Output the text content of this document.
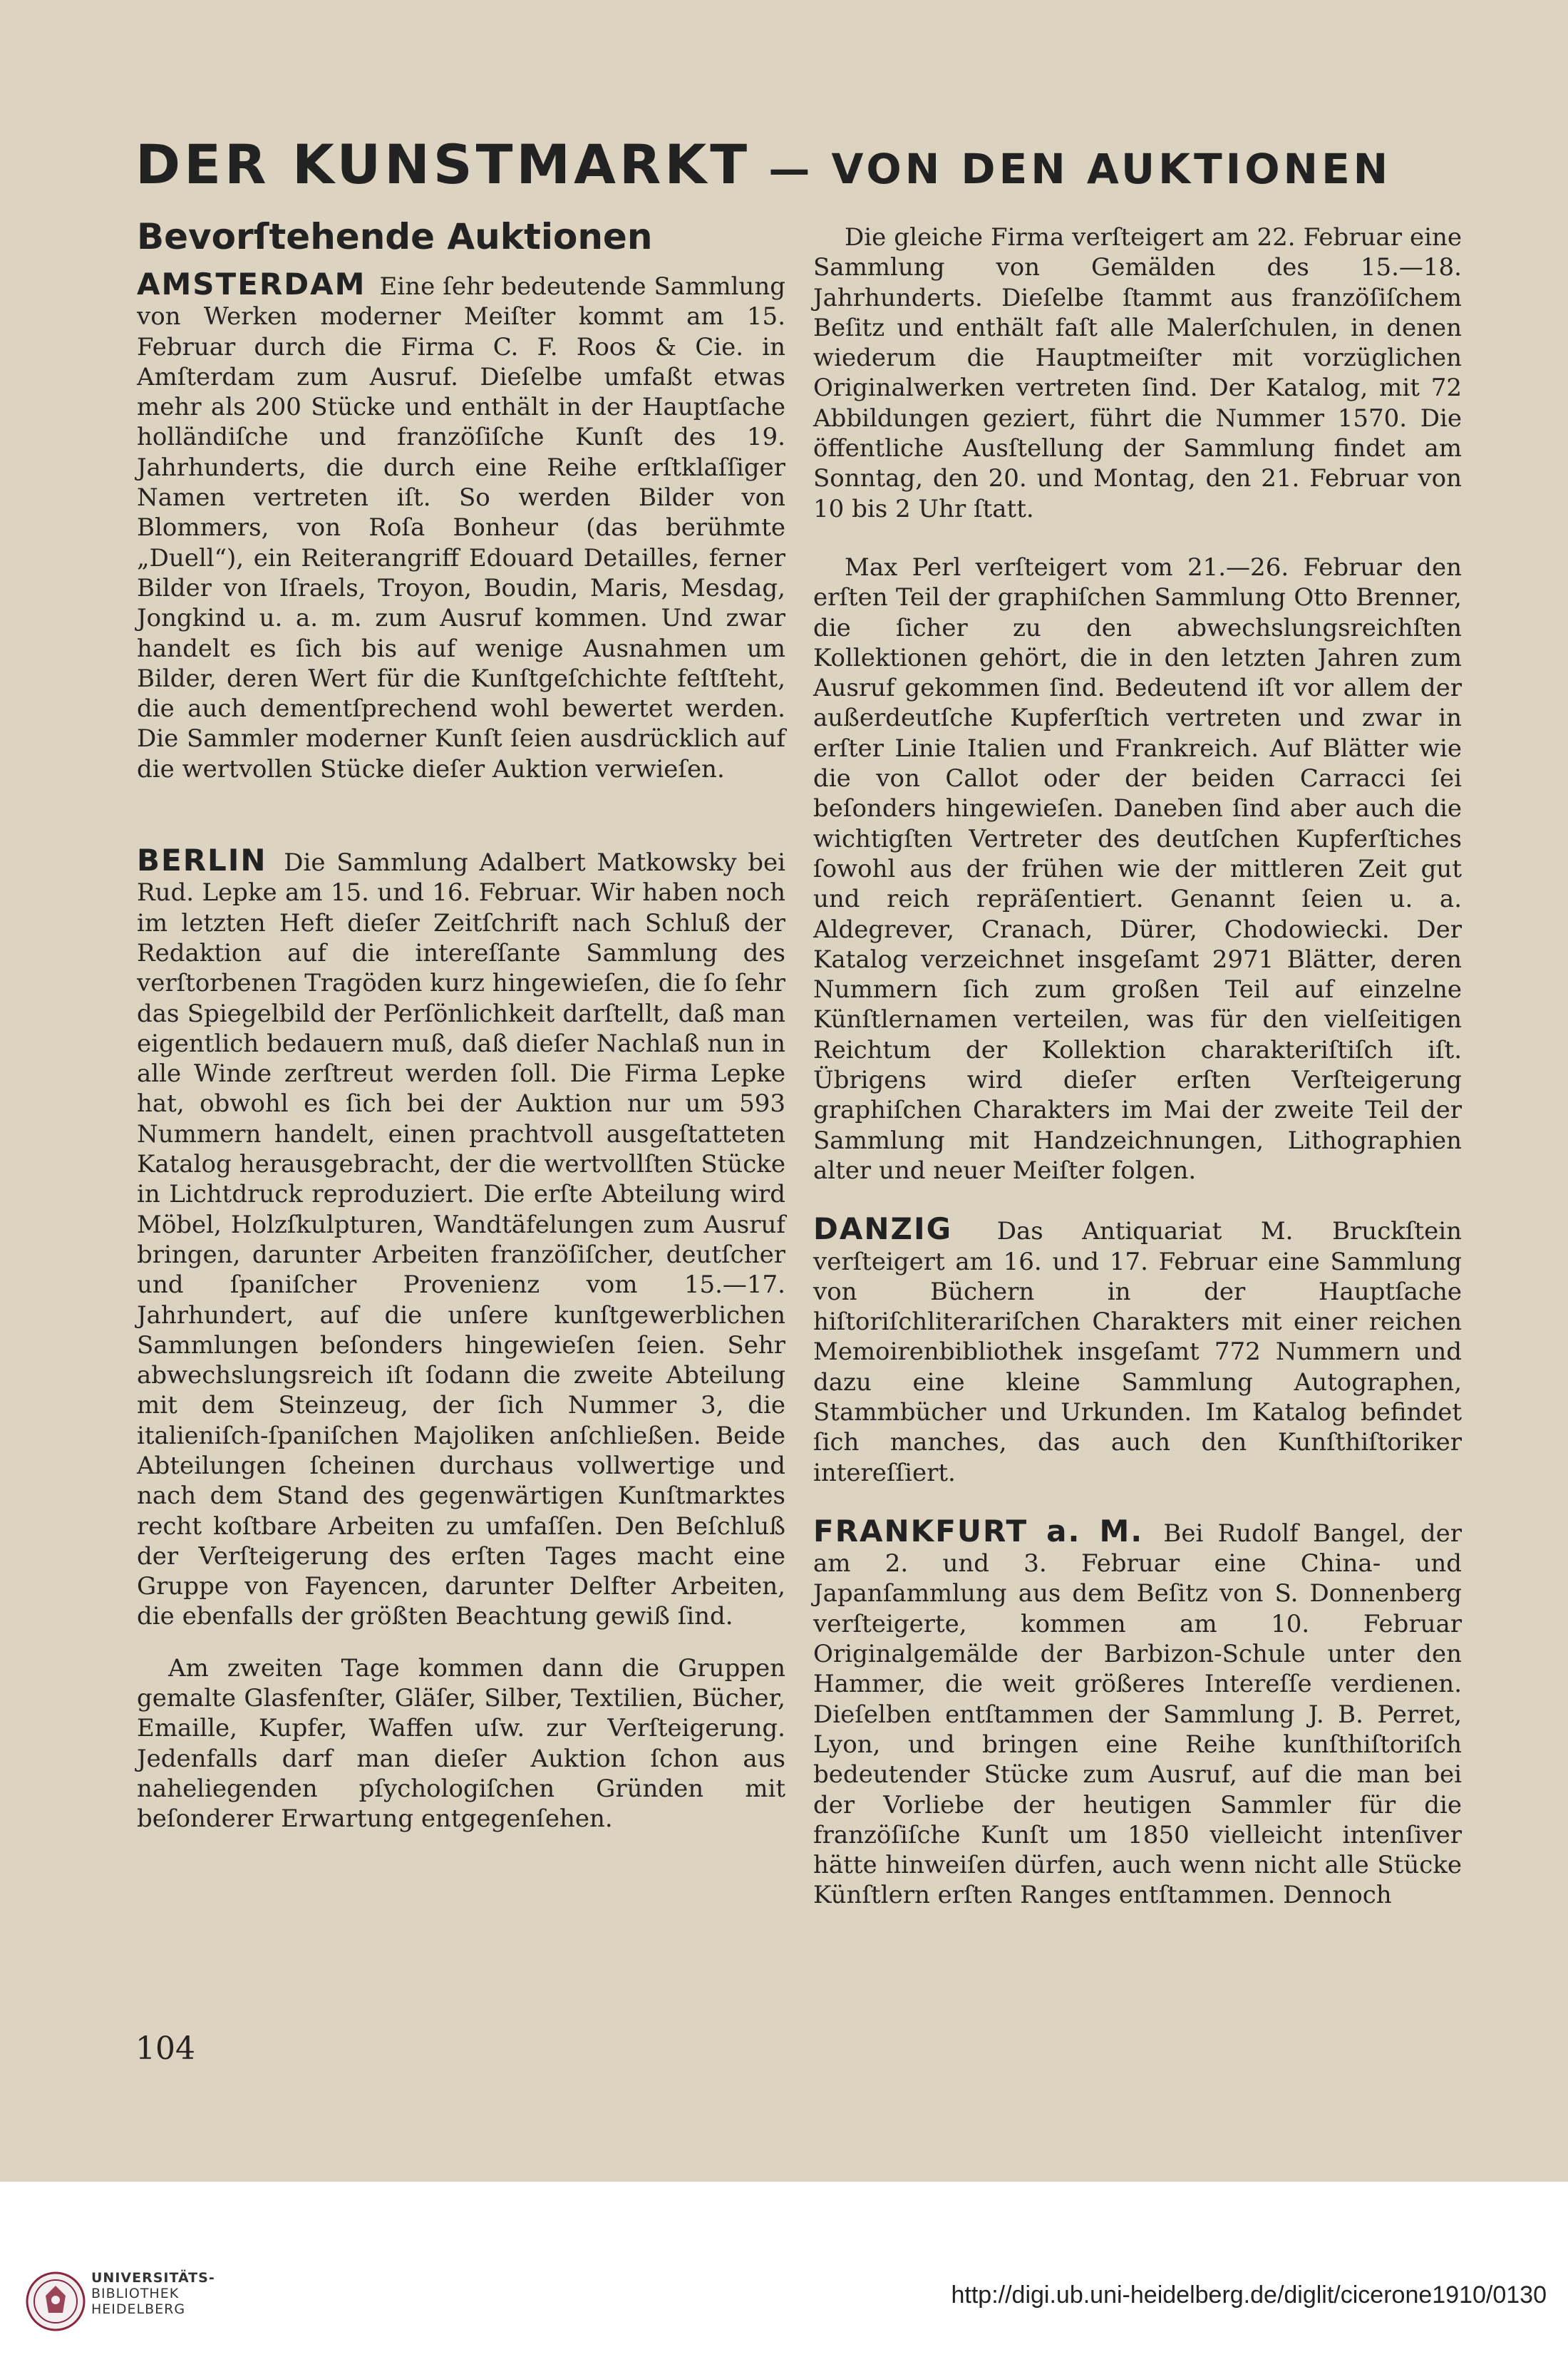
DER KUNSTMARKT — VON DEN AUKTIONEN
Bevorſtehende Auktionen

AMSTERDAM Eine ſehr bedeutende Sammlung von Werken moderner Meiſter kommt am 15. Februar durch die Firma C. F. Roos & Cie. in Amſterdam zum Ausruf. Dieſelbe umfaßt etwas mehr als 200 Stücke und enthält in der Hauptſache holländiſche und franzöſiſche Kunſt des 19. Jahrhunderts, die durch eine Reihe erſtklaſſiger Namen vertreten iſt. So werden Bilder von Blommers, von Roſa Bonheur (das berühmte „Duell“), ein Reiterangriff Edouard Detailles, ferner Bilder von Iſraels, Troyon, Boudin, Maris, Mesdag, Jongkind u. a. m. zum Ausruf kommen. Und zwar handelt es ſich bis auf wenige Ausnahmen um Bilder, deren Wert für die Kunſtgeſchichte feſtſteht, die auch dementſprechend wohl bewertet werden. Die Sammler moderner Kunſt ſeien ausdrücklich auf die wertvollen Stücke dieſer Auktion verwieſen.

BERLIN Die Sammlung Adalbert Matkowsky bei Rud. Lepke am 15. und 16. Februar. Wir haben noch im letzten Heft dieſer Zeitſchrift nach Schluß der Redaktion auf die intereſſante Sammlung des verſtorbenen Tragöden kurz hingewieſen, die ſo ſehr das Spiegelbild der Perſönlichkeit darſtellt, daß man eigentlich bedauern muß, daß dieſer Nachlaß nun in alle Winde zerſtreut werden ſoll. Die Firma Lepke hat, obwohl es ſich bei der Auktion nur um 593 Nummern handelt, einen prachtvoll ausgeſtatteten Katalog herausgebracht, der die wertvollſten Stücke in Lichtdruck reproduziert. Die erſte Abteilung wird Möbel, Holzſkulpturen, Wandtäfelungen zum Ausruf bringen, darunter Arbeiten franzöſiſcher, deutſcher und ſpaniſcher Provenienz vom 15.—17. Jahrhundert, auf die unſere kunſtgewerblichen Sammlungen beſonders hingewieſen ſeien. Sehr abwechslungsreich iſt ſodann die zweite Abteilung mit dem Steinzeug, der ſich Nummer 3, die italieniſch-ſpaniſchen Majoliken anſchließen. Beide Abteilungen ſcheinen durchaus vollwertige und nach dem Stand des gegenwärtigen Kunſtmarktes recht koſtbare Arbeiten zu umfaſſen. Den Beſchluß der Verſteigerung des erſten Tages macht eine Gruppe von Fayencen, darunter Delfter Arbeiten, die ebenfalls der größten Beachtung gewiß ſind.

Am zweiten Tage kommen dann die Gruppen gemalte Glasfenſter, Gläſer, Silber, Textilien, Bücher, Emaille, Kupfer, Waffen uſw. zur Verſteigerung. Jedenfalls darf man dieſer Auktion ſchon aus naheliegenden pſychologiſchen Gründen mit beſonderer Erwartung entgegenſehen.

Die gleiche Firma verſteigert am 22. Februar eine Sammlung von Gemälden des 15.—18. Jahrhunderts. Dieſelbe ſtammt aus franzöſiſchem Beſitz und enthält faſt alle Malerſchulen, in denen wiederum die Hauptmeiſter mit vorzüglichen Originalwerken vertreten ſind. Der Katalog, mit 72 Abbildungen geziert, führt die Nummer 1570. Die öffentliche Ausſtellung der Sammlung findet am Sonntag, den 20. und Montag, den 21. Februar von 10 bis 2 Uhr ſtatt.

Max Perl verſteigert vom 21.—26. Februar den erſten Teil der graphiſchen Sammlung Otto Brenner, die ſicher zu den abwechslungsreichſten Kollektionen gehört, die in den letzten Jahren zum Ausruf gekommen ſind. Bedeutend iſt vor allem der außerdeutſche Kupferſtich vertreten und zwar in erſter Linie Italien und Frankreich. Auf Blätter wie die von Callot oder der beiden Carracci ſei beſonders hingewieſen. Daneben ſind aber auch die wichtigſten Vertreter des deutſchen Kupferſtiches ſowohl aus der frühen wie der mittleren Zeit gut und reich repräſentiert. Genannt ſeien u. a. Aldegrever, Cranach, Dürer, Chodowiecki. Der Katalog verzeichnet insgeſamt 2971 Blätter, deren Nummern ſich zum großen Teil auf einzelne Künſtlernamen verteilen, was für den vielſeitigen Reichtum der Kollektion charakteriſtiſch iſt. Übrigens wird dieſer erſten Verſteigerung graphiſchen Charakters im Mai der zweite Teil der Sammlung mit Handzeichnungen, Lithographien alter und neuer Meiſter folgen.

DANZIG Das Antiquariat M. Bruckſtein verſteigert am 16. und 17. Februar eine Sammlung von Büchern in der Hauptſache hiſtoriſchliterariſchen Charakters mit einer reichen Memoirenbibliothek insgeſamt 772 Nummern und dazu eine kleine Sammlung Autographen, Stammbücher und Urkunden. Im Katalog befindet ſich manches, das auch den Kunſthiſtoriker intereſſiert.

FRANKFURT a. M. Bei Rudolf Bangel, der am 2. und 3. Februar eine China- und Japanſammlung aus dem Beſitz von S. Donnenberg verſteigerte, kommen am 10. Februar Originalgemälde der Barbizon-Schule unter den Hammer, die weit größeres Intereſſe verdienen. Dieſelben entſtammen der Sammlung J. B. Perret, Lyon, und bringen eine Reihe kunſthiſtoriſch bedeutender Stücke zum Ausruf, auf die man bei der Vorliebe der heutigen Sammler für die franzöſiſche Kunſt um 1850 vielleicht intenſiver hätte hinweiſen dürfen, auch wenn nicht alle Stücke Künſtlern erſten Ranges entſtammen. Dennoch

104
UNIVERSITÄTS-
BIBLIOTHEK
HEIDELBERG
http://digi.ub.uni-heidelberg.de/diglit/cicerone1910/0130
